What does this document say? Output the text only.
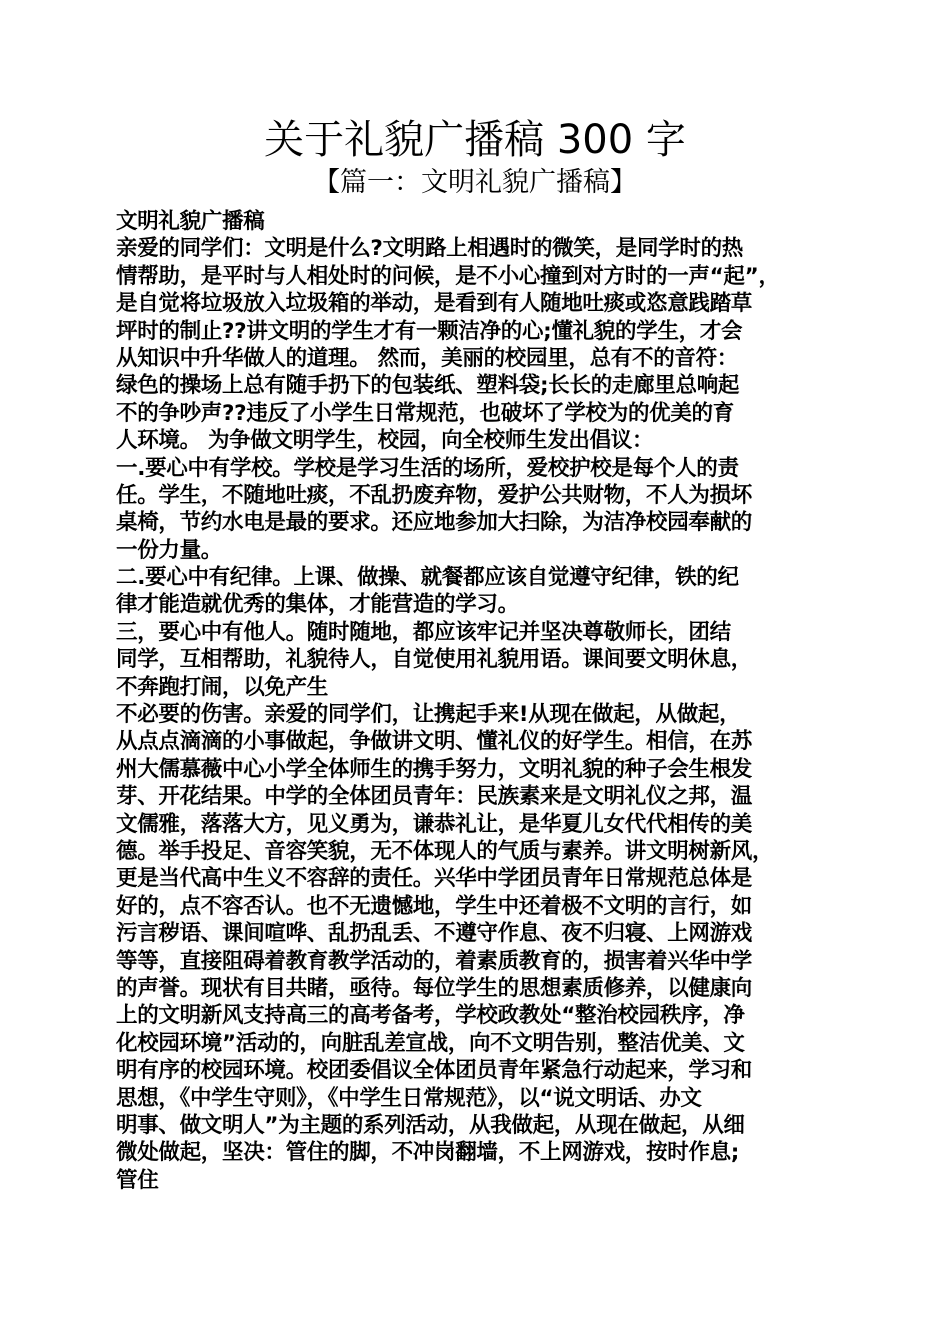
关于礼貌广播稿 300 字
【篇一：文明礼貌广播稿】
文明礼貌广播稿
亲爱的同学们：文明是什么?文明路上相遇时的微笑，是同学时的热
情帮助，是平时与人相处时的问候，是不小心撞到对方时的一声“起”，
是自觉将垃圾放入垃圾箱的举动，是看到有人随地吐痰或恣意践踏草
坪时的制止??讲文明的学生才有一颗洁净的心;懂礼貌的学生，才会
从知识中升华做人的道理。 然而，美丽的校园里，总有不的音符：
绿色的操场上总有随手扔下的包装纸、塑料袋;长长的走廊里总响起
不的争吵声??违反了小学生日常规范，也破坏了学校为的优美的育
人环境。 为争做文明学生，校园，向全校师生发出倡议：
一.要心中有学校。学校是学习生活的场所，爱校护校是每个人的责
任。学生，不随地吐痰，不乱扔废弃物，爱护公共财物，不人为损坏
桌椅，节约水电是最的要求。还应地参加大扫除，为洁净校园奉献的
一份力量。
二.要心中有纪律。上课、做操、就餐都应该自觉遵守纪律，铁的纪
律才能造就优秀的集体，才能营造的学习。
三，要心中有他人。随时随地，都应该牢记并坚决尊敬师长，团结
同学，互相帮助，礼貌待人，自觉使用礼貌用语。课间要文明休息，
不奔跑打闹，以免产生
不必要的伤害。亲爱的同学们，让携起手来!从现在做起，从做起，
从点点滴滴的小事做起，争做讲文明、懂礼仪的好学生。相信，在苏
州大儒慕薇中心小学全体师生的携手努力，文明礼貌的种子会生根发
芽、开花结果。中学的全体团员青年：民族素来是文明礼仪之邦，温
文儒雅，落落大方，见义勇为，谦恭礼让，是华夏儿女代代相传的美
德。举手投足、音容笑貌，无不体现人的气质与素养。讲文明树新风，
更是当代高中生义不容辞的责任。兴华中学团员青年日常规范总体是
好的，点不容否认。也不无遗憾地，学生中还着极不文明的言行，如
污言秽语、课间喧哗、乱扔乱丢、不遵守作息、夜不归寝、上网游戏
等等，直接阻碍着教育教学活动的，着素质教育的，损害着兴华中学
的声誉。现状有目共睹，亟待。每位学生的思想素质修养，以健康向
上的文明新风支持高三的高考备考，学校政教处“整治校园秩序，净
化校园环境”活动的，向脏乱差宣战，向不文明告别，整洁优美、文
明有序的校园环境。校团委倡议全体团员青年紧急行动起来，学习和
思想，《中学生守则》，《中学生日常规范》，以“说文明话、办文
明事、做文明人”为主题的系列活动，从我做起，从现在做起，从细
微处做起，坚决：管住的脚，不冲岗翻墙，不上网游戏，按时作息;
管住
